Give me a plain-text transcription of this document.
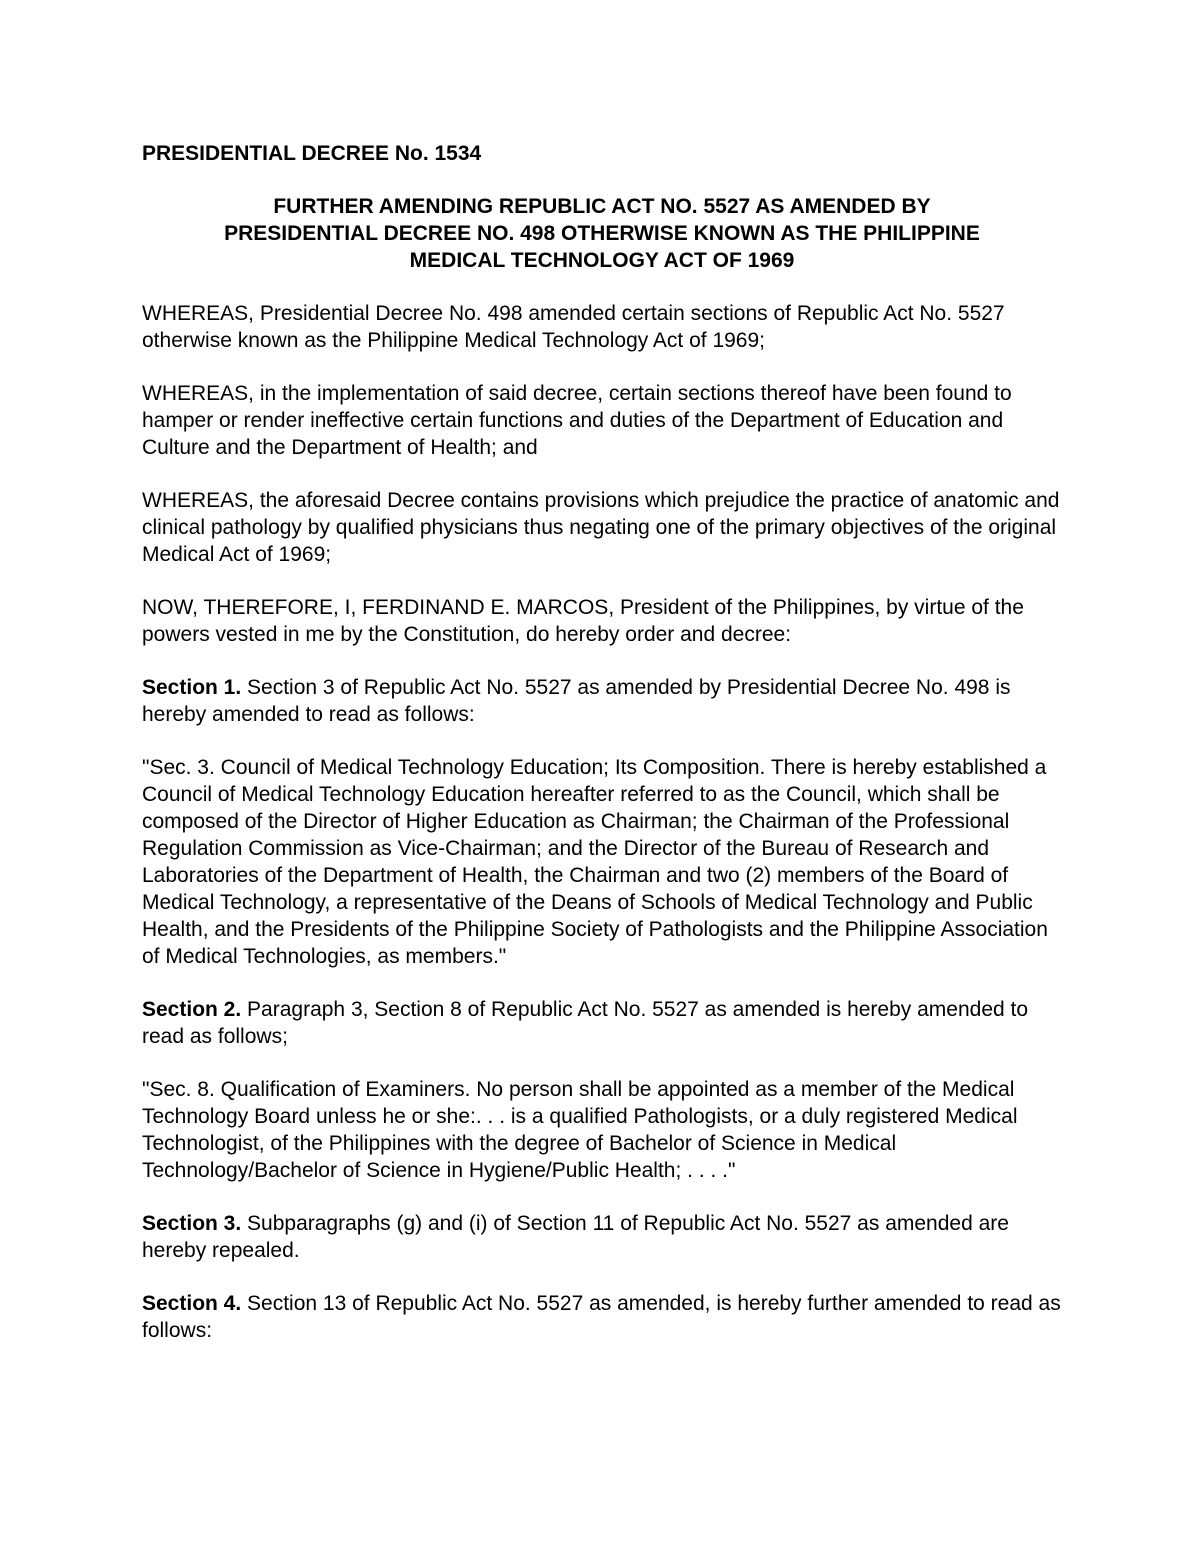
PRESIDENTIAL DECREE No. 1534
FURTHER AMENDING REPUBLIC ACT NO. 5527 AS AMENDED BY
PRESIDENTIAL DECREE NO. 498 OTHERWISE KNOWN AS THE PHILIPPINE
MEDICAL TECHNOLOGY ACT OF 1969

WHEREAS, Presidential Decree No. 498 amended certain sections of Republic Act No. 5527 otherwise known as the Philippine Medical Technology Act of 1969;

WHEREAS, in the implementation of said decree, certain sections thereof have been found to hamper or render ineffective certain functions and duties of the Department of Education and Culture and the Department of Health; and

WHEREAS, the aforesaid Decree contains provisions which prejudice the practice of anatomic and clinical pathology by qualified physicians thus negating one of the primary objectives of the original Medical Act of 1969;

NOW, THEREFORE, I, FERDINAND E. MARCOS, President of the Philippines, by virtue of the powers vested in me by the Constitution, do hereby order and decree:

Section 1. Section 3 of Republic Act No. 5527 as amended by Presidential Decree No. 498 is hereby amended to read as follows:

"Sec. 3. Council of Medical Technology Education; Its Composition. There is hereby established a Council of Medical Technology Education hereafter referred to as the Council, which shall be composed of the Director of Higher Education as Chairman; the Chairman of the Professional Regulation Commission as Vice-Chairman; and the Director of the Bureau of Research and Laboratories of the Department of Health, the Chairman and two (2) members of the Board of Medical Technology, a representative of the Deans of Schools of Medical Technology and Public Health, and the Presidents of the Philippine Society of Pathologists and the Philippine Association of Medical Technologies, as members."

Section 2. Paragraph 3, Section 8 of Republic Act No. 5527 as amended is hereby amended to read as follows;

"Sec. 8. Qualification of Examiners. No person shall be appointed as a member of the Medical Technology Board unless he or she:. . . is a qualified Pathologists, or a duly registered Medical Technologist, of the Philippines with the degree of Bachelor of Science in Medical Technology/Bachelor of Science in Hygiene/Public Health; . . . ."

Section 3. Subparagraphs (g) and (i) of Section 11 of Republic Act No. 5527 as amended are hereby repealed.

Section 4. Section 13 of Republic Act No. 5527 as amended, is hereby further amended to read as follows:
